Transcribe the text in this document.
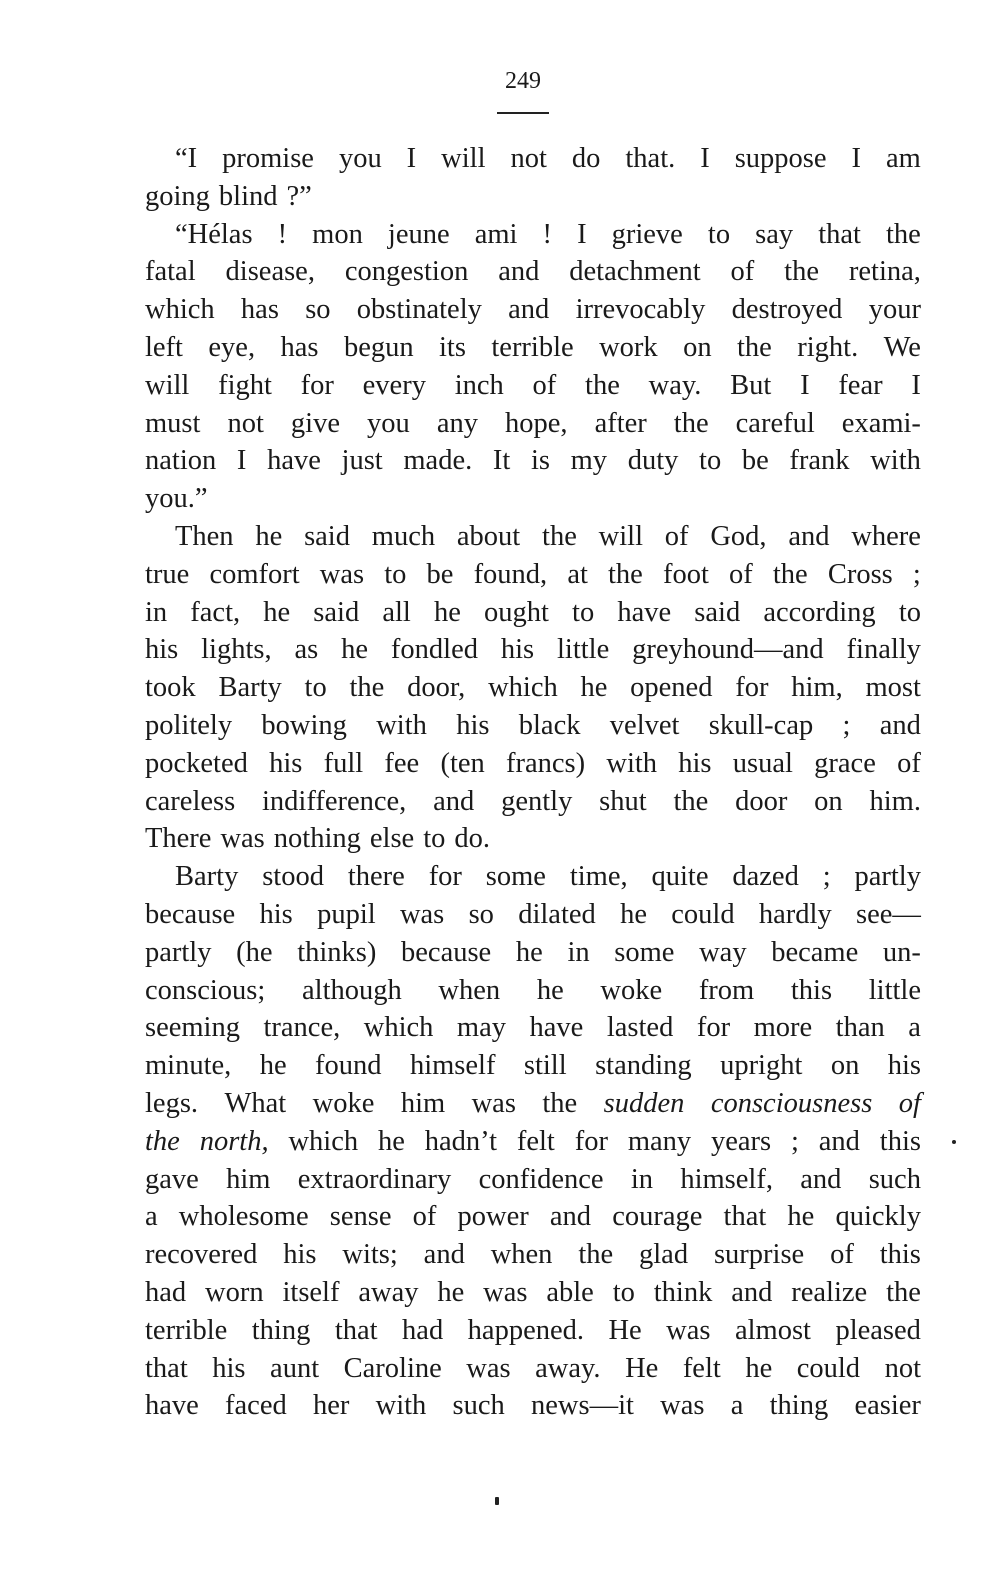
249
“I promise you I will not do that. I suppose I am
going blind ?”
“Hélas ! mon jeune ami ! I grieve to say that the
fatal disease, congestion and detachment of the retina,
which has so obstinately and irrevocably destroyed your
left eye, has begun its terrible work on the right. We
will fight for every inch of the way. But I fear I
must not give you any hope, after the careful exami-
nation I have just made. It is my duty to be frank with
you.”
Then he said much about the will of God, and where
true comfort was to be found, at the foot of the Cross ;
in fact, he said all he ought to have said according to
his lights, as he fondled his little greyhound—and finally
took Barty to the door, which he opened for him, most
politely bowing with his black velvet skull-cap ; and
pocketed his full fee (ten francs) with his usual grace of
careless indifference, and gently shut the door on him.
There was nothing else to do.
Barty stood there for some time, quite dazed ; partly
because his pupil was so dilated he could hardly see—
partly (he thinks) because he in some way became un-
conscious; although when he woke from this little
seeming trance, which may have lasted for more than a
minute, he found himself still standing upright on his
legs. What woke him was the sudden consciousness of
the north, which he hadn’t felt for many years ; and this
gave him extraordinary confidence in himself, and such
a wholesome sense of power and courage that he quickly
recovered his wits; and when the glad surprise of this
had worn itself away he was able to think and realize the
terrible thing that had happened. He was almost pleased
that his aunt Caroline was away. He felt he could not
have faced her with such news—it was a thing easier
